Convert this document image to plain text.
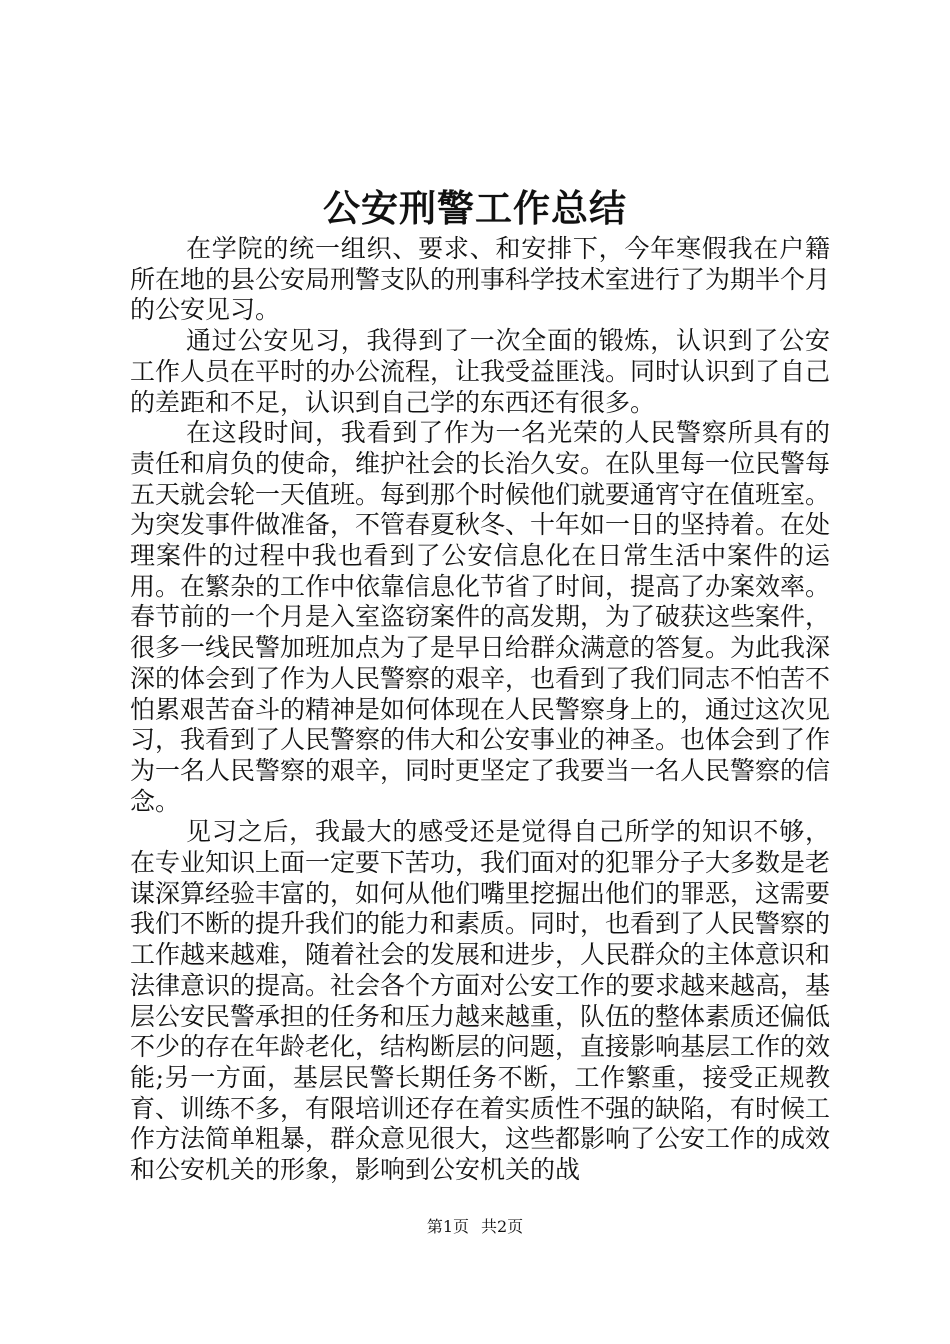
公安刑警工作总结

在学院的统一组织、要求、和安排下，今年寒假我在户籍所在地的县公安局刑警支队的刑事科学技术室进行了为期半个月的公安见习。

通过公安见习，我得到了一次全面的锻炼，认识到了公安工作人员在平时的办公流程，让我受益匪浅。同时认识到了自己的差距和不足，认识到自己学的东西还有很多。

在这段时间，我看到了作为一名光荣的人民警察所具有的责任和肩负的使命，维护社会的长治久安。在队里每一位民警每五天就会轮一天值班。每到那个时候他们就要通宵守在值班室。为突发事件做准备，不管春夏秋冬、十年如一日的坚持着。在处理案件的过程中我也看到了公安信息化在日常生活中案件的运用。在繁杂的工作中依靠信息化节省了时间，提高了办案效率。春节前的一个月是入室盗窃案件的高发期，为了破获这些案件，很多一线民警加班加点为了是早日给群众满意的答复。为此我深深的体会到了作为人民警察的艰辛，也看到了我们同志不怕苦不怕累艰苦奋斗的精神是如何体现在人民警察身上的，通过这次见习，我看到了人民警察的伟大和公安事业的神圣。也体会到了作为一名人民警察的艰辛，同时更坚定了我要当一名人民警察的信念。

见习之后，我最大的感受还是觉得自己所学的知识不够，在专业知识上面一定要下苦功，我们面对的犯罪分子大多数是老谋深算经验丰富的，如何从他们嘴里挖掘出他们的罪恶，这需要我们不断的提升我们的能力和素质。同时，也看到了人民警察的工作越来越难，随着社会的发展和进步，人民群众的主体意识和法律意识的提高。社会各个方面对公安工作的要求越来越高，基层公安民警承担的任务和压力越来越重，队伍的整体素质还偏低不少的存在年龄老化，结构断层的问题，直接影响基层工作的效能;另一方面，基层民警长期任务不断，工作繁重，接受正规教育、训练不多，有限培训还存在着实质性不强的缺陷，有时候工作方法简单粗暴，群众意见很大，这些都影响了公安工作的成效和公安机关的形象，影响到公安机关的战

第1页 共2页
